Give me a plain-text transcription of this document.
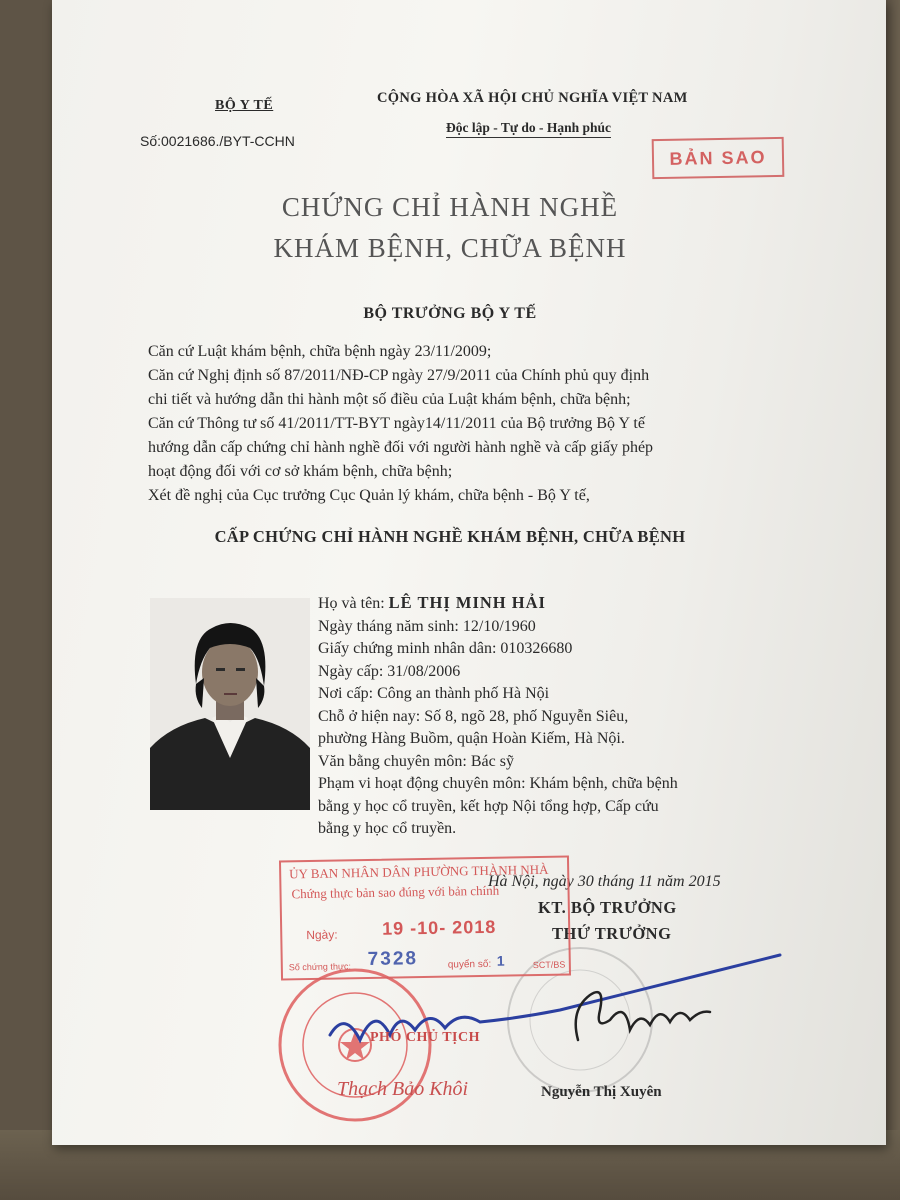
BỘ Y TẾ
Số:0021686./BYT-CCHN
CỘNG HÒA XÃ HỘI CHỦ NGHĨA VIỆT NAM
Độc lập - Tự do - Hạnh phúc
BẢN SAO
CHỨNG CHỈ HÀNH NGHỀ
KHÁM BỆNH, CHỮA BỆNH
BỘ TRƯỞNG BỘ Y TẾ
Căn cứ Luật khám bệnh, chữa bệnh ngày 23/11/2009;
Căn cứ Nghị định số 87/2011/NĐ-CP ngày 27/9/2011 của Chính phủ quy định
chi tiết và hướng dẫn thi hành một số điều của Luật khám bệnh, chữa bệnh;
Căn cứ Thông tư số 41/2011/TT-BYT ngày14/11/2011 của Bộ trưởng Bộ Y tế
hướng dẫn cấp chứng chỉ hành nghề đối với người hành nghề và cấp giấy phép
hoạt động đối với cơ sở khám bệnh, chữa bệnh;
Xét đề nghị của Cục trưởng Cục Quản lý khám, chữa bệnh - Bộ Y tế,
CẤP CHỨNG CHỈ HÀNH NGHỀ KHÁM BỆNH, CHỮA BỆNH
Họ và tên: LÊ THỊ MINH HẢI
Ngày tháng năm sinh: 12/10/1960
Giấy chứng minh nhân dân: 010326680
Ngày cấp: 31/08/2006
Nơi cấp: Công an thành phố Hà Nội
Chỗ ở hiện nay: Số 8, ngõ 28, phố Nguyễn Siêu,
phường Hàng Buồm, quận Hoàn Kiếm, Hà Nội.
Văn bằng chuyên môn: Bác sỹ
Phạm vi hoạt động chuyên môn: Khám bệnh, chữa bệnh
bằng y học cổ truyền, kết hợp Nội tổng hợp, Cấp cứu
bằng y học cổ truyền.
Hà Nội, ngày 30 tháng 11 năm 2015
KT. BỘ TRƯỞNG
THỨ TRƯỞNG
ỦY BAN NHÂN DÂN PHƯỜNG THÀNH NHÀ
Chứng thực bản sao đúng với bản chính
Ngày: 19 -10- 2018
Số chứng thực: 7328	quyển số: 1	SCT/BS
PHÓ CHỦ TỊCH
Thạch Bảo Khôi	Nguyễn Thị Xuyên
